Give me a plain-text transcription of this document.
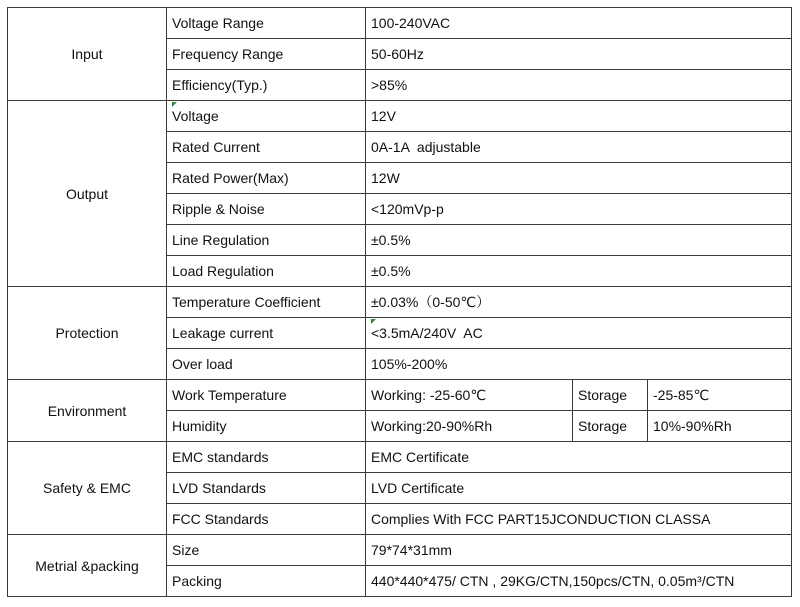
Input	Voltage Range	100-240VAC		
	Frequency Range	50-60Hz		
	Efficiency(Typ.)	>85%		
Output	Voltage	12V		
	Rated Current	0A-1A  adjustable		
	Rated Power(Max)	12W		
	Ripple & Noise	<120mVp-p		
	Line Regulation	±0.5%		
	Load Regulation	±0.5%		
Protection	Temperature Coefficient	±0.03%（0-50℃）		
	Leakage current	<3.5mA/240V  AC		
	Over load	105%-200%		
Environment	Work Temperature	Working: -25-60℃	Storage	-25-85℃
	Humidity	Working:20-90%Rh	Storage	10%-90%Rh
Safety & EMC	EMC standards	EMC Certificate		
	LVD Standards	LVD Certificate		
	FCC Standards	Complies With FCC PART15JCONDUCTION CLASSA		
Metrial &packing	Size	79*74*31mm		
	Packing	440*440*475/ CTN , 29KG/CTN,150pcs/CTN, 0.05m³/CTN		
